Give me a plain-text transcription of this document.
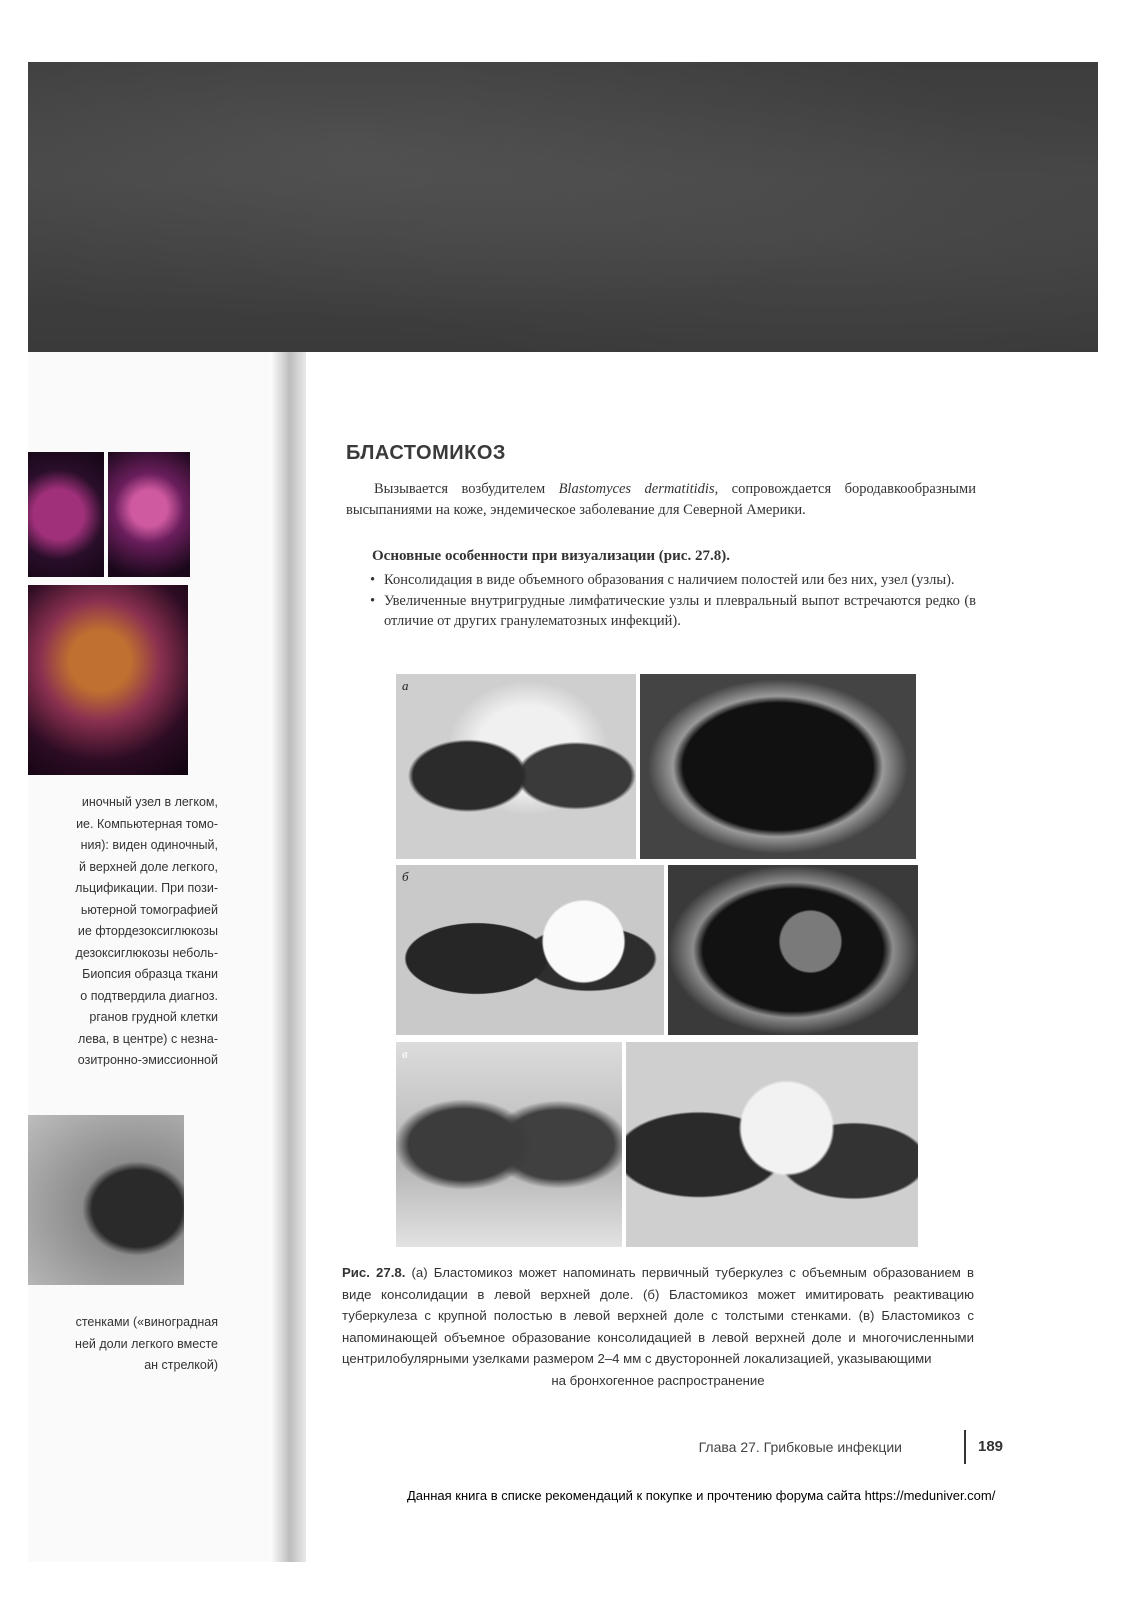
иночный узел в легком,
ие. Компьютерная томо-
ния): виден одиночный,
й верхней доле легкого,
льцификации. При пози-
ьютерной томографией
ие фтордезоксиглюкозы
дезоксиглюкозы неболь-
Биопсия образца ткани
о подтвердила диагноз.
рганов грудной клетки
лева, в центре) с незна-
озитронно-эмиссионной
стенками («виноградная
ней доли легкого вместе
ан стрелкой)
БЛАСТОМИКОЗ

Вызывается возбудителем Blastomyces dermatitidis, сопровождается бородавкообразными высыпаниями на коже, эндемическое заболевание для Северной Америки.

Основные особенности при визуализации (рис. 27.8).
• Консолидация в виде объемного образования с наличием полостей или без них, узел (узлы).
• Увеличенные внутригрудные лимфатические узлы и плевральный выпот встречаются редко (в отличие от других гранулематозных инфекций).
а
б
в
Рис. 27.8. (а) Бластомикоз может напоминать первичный туберкулез с объемным образованием в виде консолидации в левой верхней доле. (б) Бластомикоз может имитировать реактивацию туберкулеза с крупной полостью в левой верхней доле с толстыми стенками. (в) Бластомикоз с напоминающей объемное образование консолидацией в левой верхней доле и многочисленными центрилобулярными узелками размером 2–4 мм с двусторонней локализацией, указывающими
на бронхогенное распространение
Глава 27. Грибковые инфекции	189
Данная книга в списке рекомендаций к покупке и прочтению форума сайта https://meduniver.com/
